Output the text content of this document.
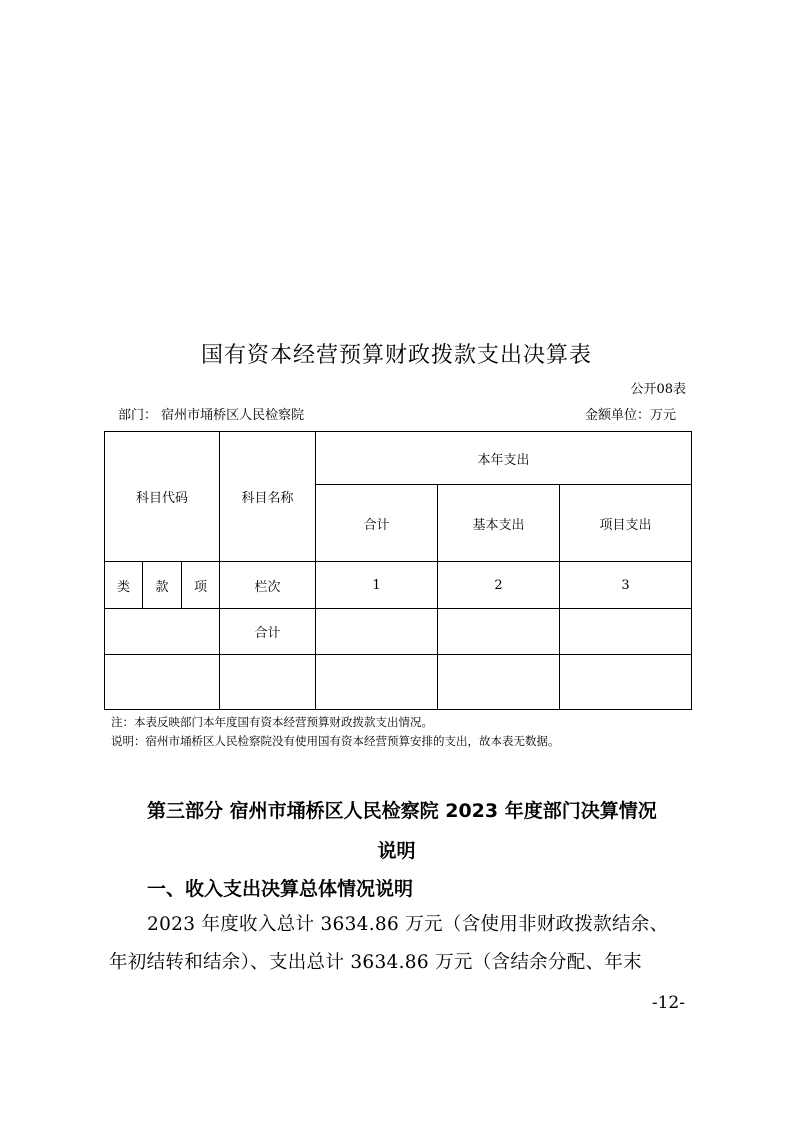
国有资本经营预算财政拨款支出决算表
公开08表
部门： 宿州市埇桥区人民检察院	金额单位：万元
科目代码			科目名称	本年支出		
				合计	基本支出	项目支出
类	款	项	栏次	1	2	3
			合计			

注：本表反映部门本年度国有资本经营预算财政拨款支出情况。
说明：宿州市埇桥区人民检察院没有使用国有资本经营预算安排的支出，故本表无数据。
第三部分 宿州市埇桥区人民检察院 2023 年度部门决算情况
说明
一、收入支出决算总体情况说明
2023 年度收入总计 3634.86 万元（含使用非财政拨款结余、
年初结转和结余）、支出总计 3634.86 万元（含结余分配、年末
-12-
